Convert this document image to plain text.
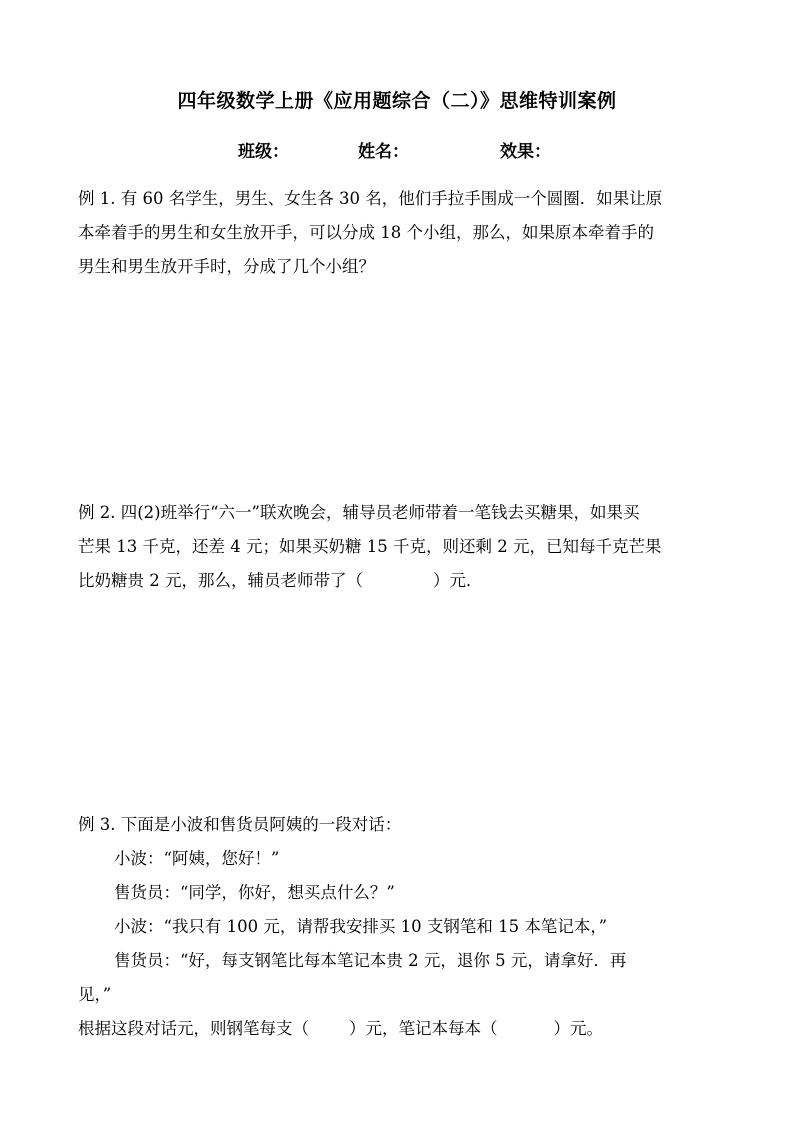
四年级数学上册《应用题综合（二）》思维特训案例
班级：	姓名：	效果：
例 1. 有 60 名学生，男生、女生各 30 名，他们手拉手围成一个圆圈．如果让原
本牵着手的男生和女生放开手，可以分成 18 个小组，那么，如果原本牵着手的
男生和男生放开手时，分成了几个小组？
例 2. 四(2)班举行“六一”联欢晚会，辅导员老师带着一笔钱去买糖果，如果买
芒果 13 千克，还差 4 元；如果买奶糖 15 千克，则还剩 2 元，已知每千克芒果
比奶糖贵 2 元，那么，辅员老师带了（	）元．
例 3. 下面是小波和售货员阿姨的一段对话：
小波：“阿姨，您好！”
售货员：“同学，你好，想买点什么？”
小波：“我只有 100 元，请帮我安排买 10 支钢笔和 15 本笔记本，”
售货员：“好，每支钢笔比每本笔记本贵 2 元，退你 5 元，请拿好．再
见，”
根据这段对话元，则钢笔每支（ ）元，笔记本每本（	）元。
